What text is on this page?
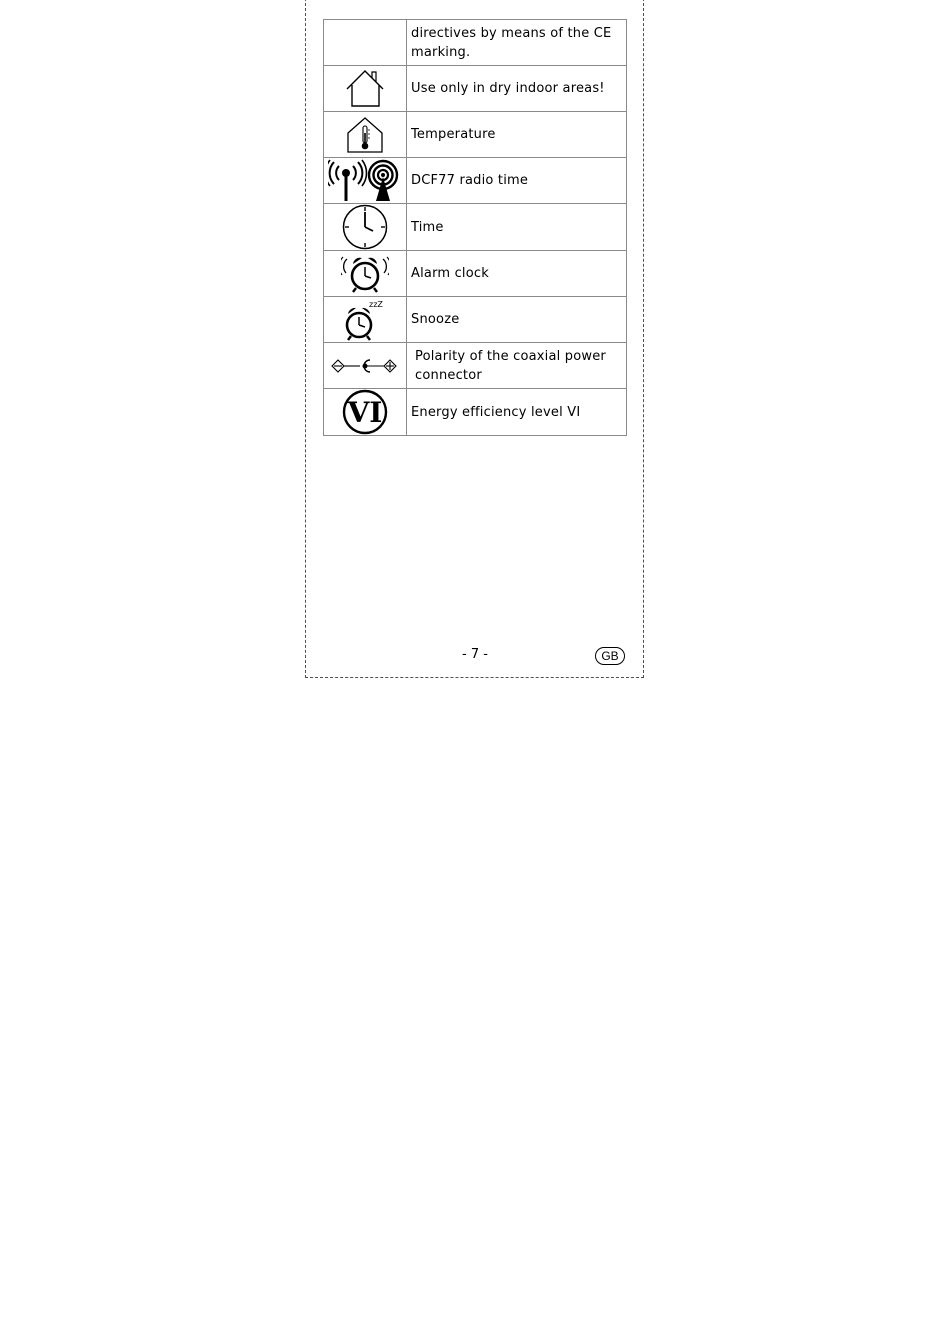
	directives by means of the CE marking.

	Use only in dry indoor areas!

	Temperature

	DCF77 radio time

	Time

	Alarm clock

zzZ	Snooze

	Polarity of the coaxial power connector

VI	Energy efficiency level VI
- 7 -	GB
